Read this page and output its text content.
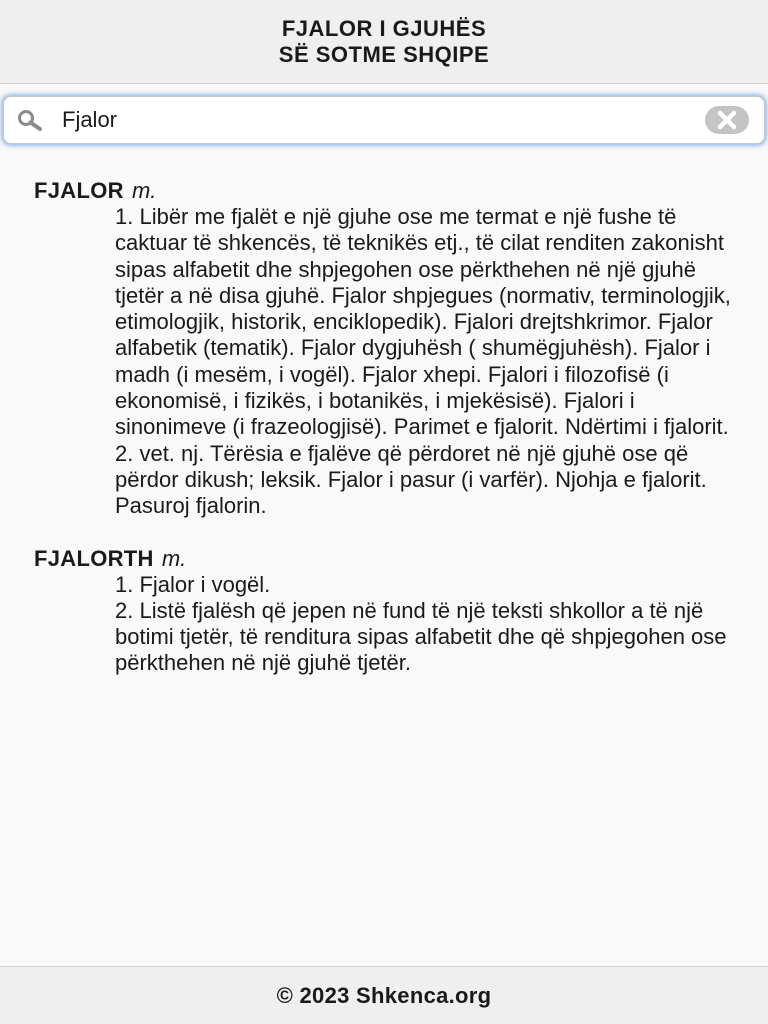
FJALOR I GJUHËS
SË SOTME SHQIPE
Fjalor
FJALOR m.

1. Libër me fjalët e një gjuhe ose me termat e një fushe të caktuar të shkencës, të teknikës etj., të cilat renditen zakonisht sipas alfabetit dhe shpjegohen ose përkthehen në një gjuhë tjetër a në disa gjuhë. Fjalor shpjegues (normativ, terminologjik, etimologjik, historik, enciklopedik). Fjalori drejtshkrimor. Fjalor alfabetik (tematik). Fjalor dygjuhësh ( shumëgjuhësh). Fjalor i madh (i mesëm, i vogël). Fjalor xhepi. Fjalori i filozofisë (i ekonomisë, i fizikës, i botanikës, i mjekësisë). Fjalori i sinonimeve (i frazeologjisë). Parimet e fjalorit. Ndërtimi i fjalorit.

2. vet. nj. Tërësia e fjalëve që përdoret në një gjuhë ose që përdor dikush; leksik. Fjalor i pasur (i varfër). Njohja e fjalorit. Pasuroj fjalorin.

FJALORTH m.

1. Fjalor i vogël.

2. Listë fjalësh që jepen në fund të një teksti shkollor a të një botimi tjetër, të renditura sipas alfabetit dhe që shpjegohen ose përkthehen në një gjuhë tjetër.

© 2023 Shkenca.org
